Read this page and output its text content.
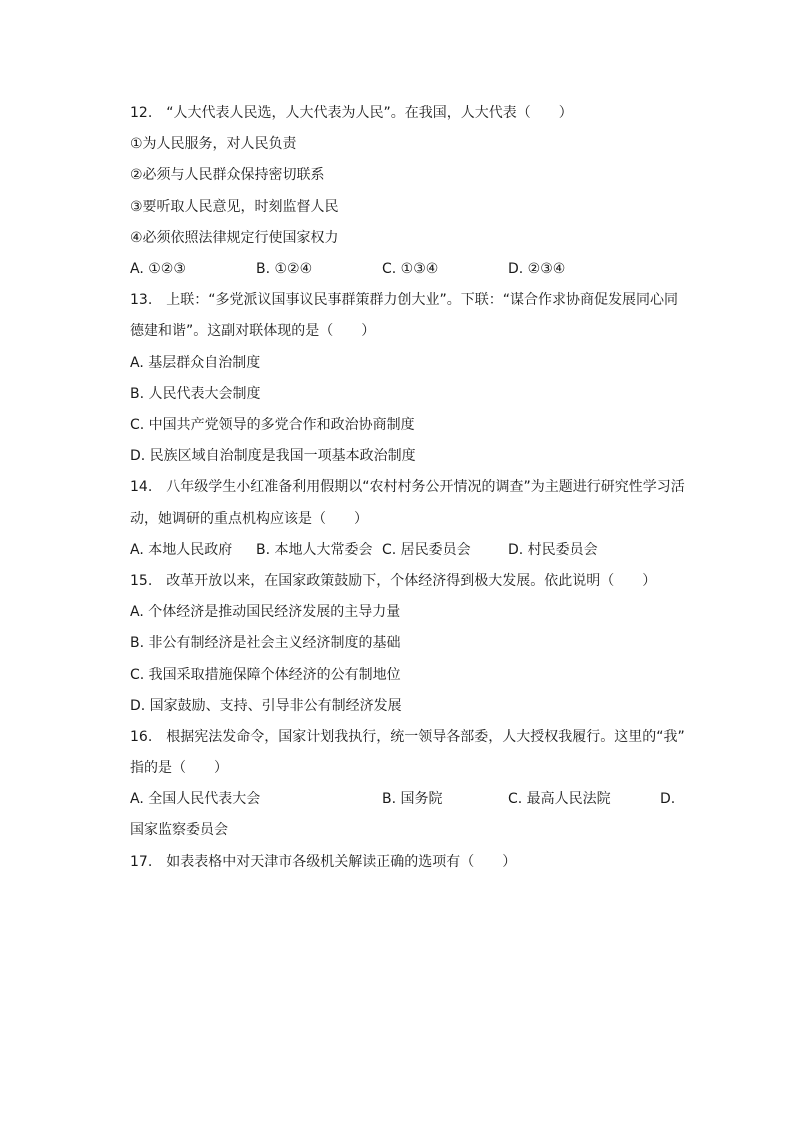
12.　“人大代表人民选，人大代表为人民”。在我国，人大代表（　　）
①为人民服务，对人民负责
②必须与人民群众保持密切联系
③要听取人民意见，时刻监督人民
④必须依照法律规定行使国家权力
A. ①②③	B. ①②④	C. ①③④	D. ②③④
13.　上联：“多党派议国事议民事群策群力创大业”。下联：“谋合作求协商促发展同心同
德建和谐”。这副对联体现的是（　　）
A. 基层群众自治制度
B. 人民代表大会制度
C. 中国共产党领导的多党合作和政治协商制度
D. 民族区域自治制度是我国一项基本政治制度
14.　八年级学生小红准备利用假期以“农村村务公开情况的调查”为主题进行研究性学习活
动，她调研的重点机构应该是（　　）
A. 本地人民政府 B. 本地人大常委会 C. 居民委员会	D. 村民委员会
15.　改革开放以来，在国家政策鼓励下，个体经济得到极大发展。依此说明（　　）
A. 个体经济是推动国民经济发展的主导力量
B. 非公有制经济是社会主义经济制度的基础
C. 我国采取措施保障个体经济的公有制地位
D. 国家鼓励、支持、引导非公有制经济发展
16.　根据宪法发命令，国家计划我执行，统一领导各部委，人大授权我履行。这里的“我”
指的是（　　）
A. 全国人民代表大会	B. 国务院	C. 最高人民法院	D.
国家监察委员会
17.　如表表格中对天津市各级机关解读正确的选项有（　　）
